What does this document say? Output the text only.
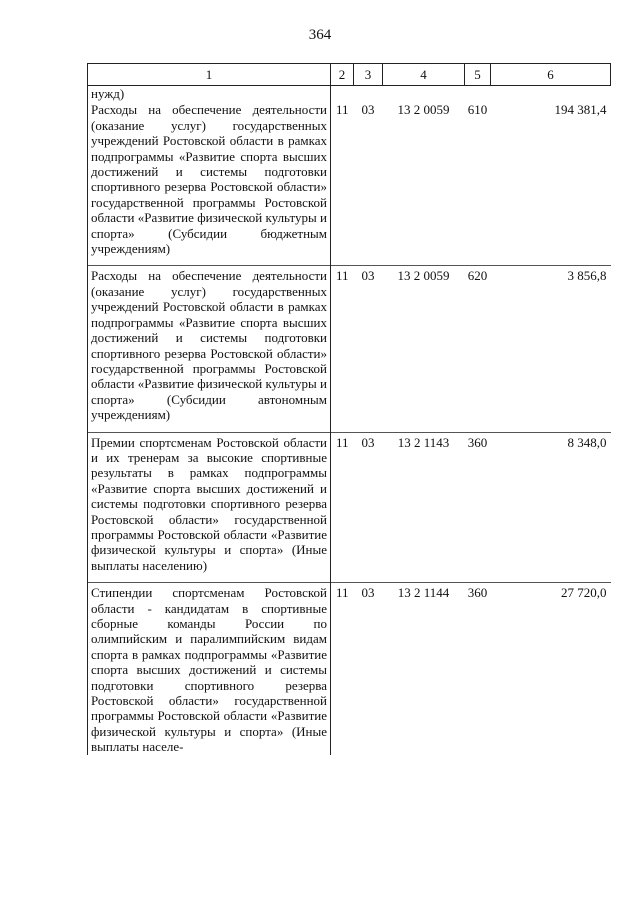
364
1	2	3	4	5	6
нужд)					
Расходы на обеспечение деятельности (оказание услуг) государственных учреждений Ростовской области в рамках подпрограммы «Развитие спорта высших достижений и системы подготовки спортивного резерва Ростовской области» государственной программы Ростовской области «Развитие физической культуры и спорта» (Субсидии бюджетным учреждениям)	11	03	13 2 0059	610	194 381,4
Расходы на обеспечение деятельности (оказание услуг) государственных учреждений Ростовской области в рамках подпрограммы «Развитие спорта высших достижений и системы подготовки спортивного резерва Ростовской области» государственной программы Ростовской области «Развитие физической культуры и спорта» (Субсидии автономным учреждениям)	11	03	13 2 0059	620	3 856,8
Премии спортсменам Ростовской области и их тренерам за высокие спортивные результаты в рамках подпрограммы «Развитие спорта высших достижений и системы подготовки спортивного резерва Ростовской области» государственной программы Ростовской области «Развитие физической культуры и спорта» (Иные выплаты населению)	11	03	13 2 1143	360	8 348,0
Стипендии спортсменам Ростовской области - кандидатам в спортивные сборные команды России по олимпийским и паралимпийским видам спорта в рамках подпрограммы «Развитие спорта высших достижений и системы подготовки спортивного резерва Ростовской области» государственной программы Ростовской области «Развитие физической культуры и спорта» (Иные выплаты населе-	11	03	13 2 1144	360	27 720,0
